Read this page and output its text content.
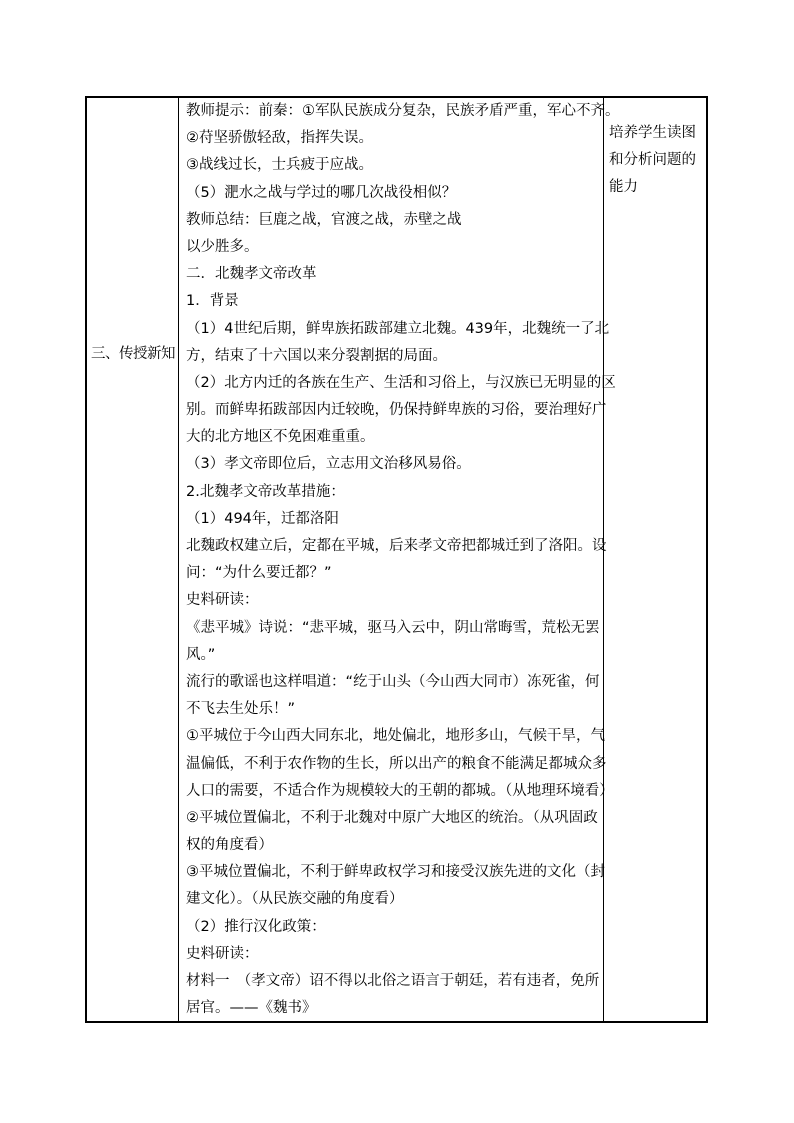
三、传授新知
教师提示：前秦：①军队民族成分复杂，民族矛盾严重，军心不齐。
②苻坚骄傲轻敌，指挥失误。
③战线过长，士兵疲于应战。
（5）淝水之战与学过的哪几次战役相似？
教师总结：巨鹿之战，官渡之战，赤壁之战
以少胜多。
二．北魏孝文帝改革
1．背景
（1）4世纪后期，鲜卑族拓跋部建立北魏。439年，北魏统一了北
方，结束了十六国以来分裂割据的局面。
（2）北方内迁的各族在生产、生活和习俗上，与汉族已无明显的区
别。而鲜卑拓跋部因内迁较晚，仍保持鲜卑族的习俗，要治理好广
大的北方地区不免困难重重。
（3）孝文帝即位后，立志用文治移风易俗。
2.北魏孝文帝改革措施：
（1）494年，迁都洛阳
北魏政权建立后，定都在平城，后来孝文帝把都城迁到了洛阳。设
问：“为什么要迁都？”
史料研读：
《悲平城》诗说：“悲平城，驱马入云中，阴山常晦雪，荒松无罢
风。”
流行的歌谣也这样唱道：“纥于山头（今山西大同市）冻死雀，何
不飞去生处乐！”
①平城位于今山西大同东北，地处偏北，地形多山，气候干旱，气
温偏低，不利于农作物的生长，所以出产的粮食不能满足都城众多
人口的需要，不适合作为规模较大的王朝的都城。（从地理环境看）
②平城位置偏北，不利于北魏对中原广大地区的统治。（从巩固政
权的角度看）
③平城位置偏北，不利于鲜卑政权学习和接受汉族先进的文化（封
建文化）。（从民族交融的角度看）
（2）推行汉化政策：
史料研读：
材料一　（孝文帝）诏不得以北俗之语言于朝廷，若有违者，免所
居官。——《魏书》
培养学生读图
和分析问题的
能力
